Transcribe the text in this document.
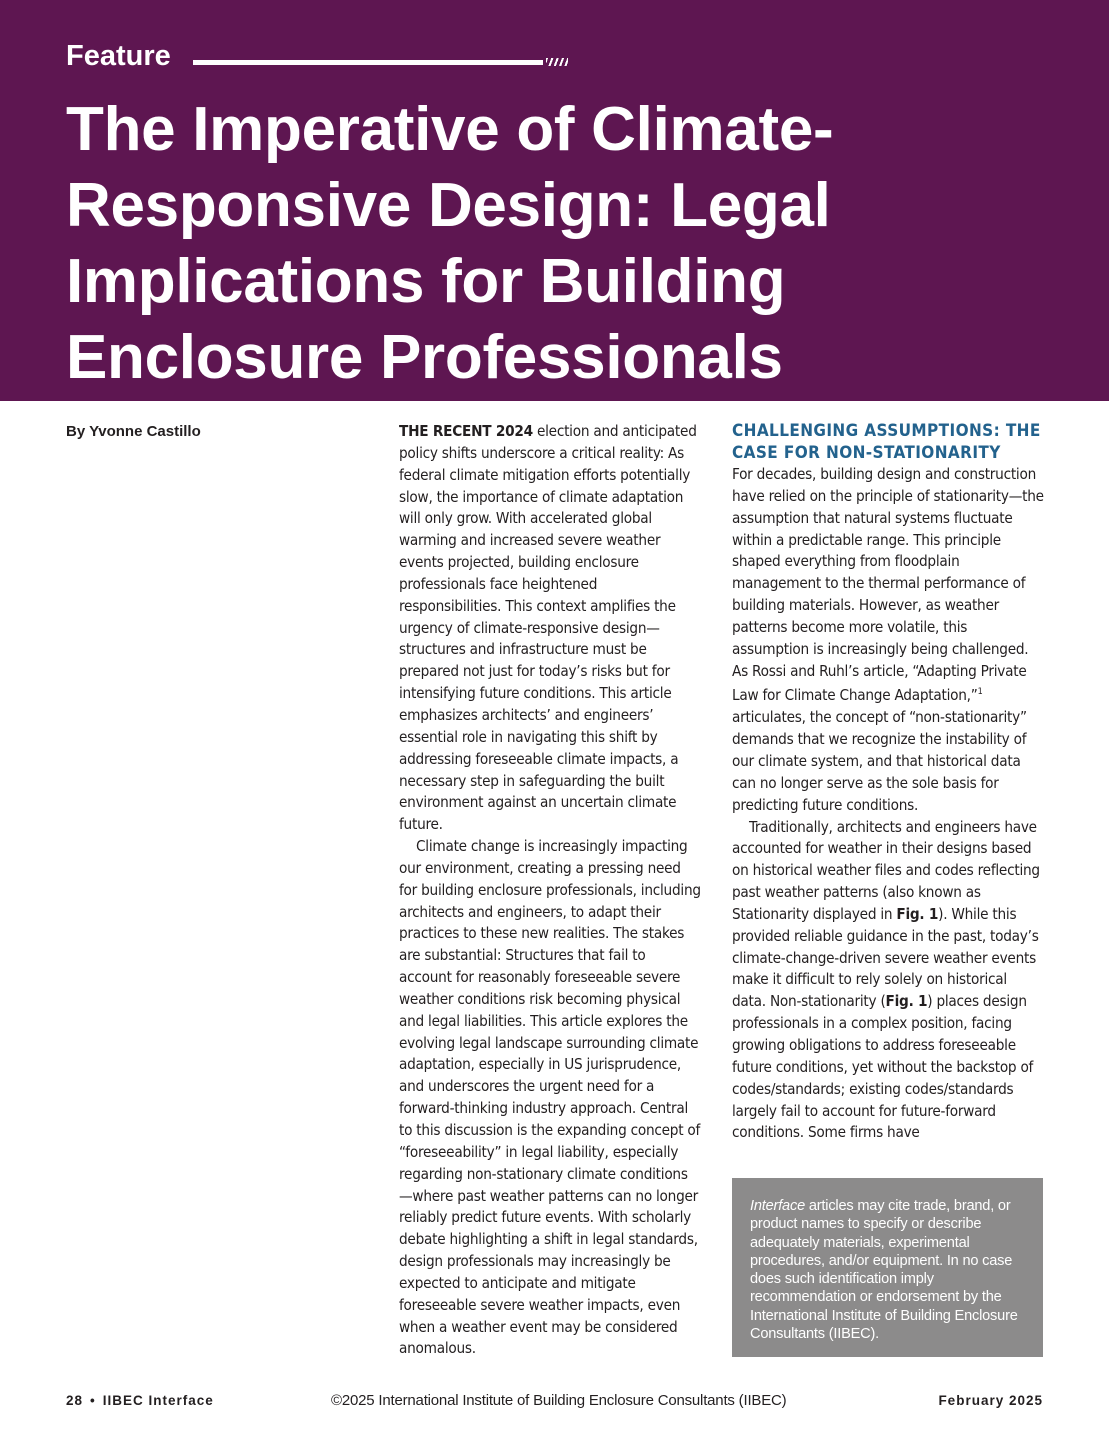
Feature
The Imperative of Climate-Responsive Design: Legal Implications for Building Enclosure Professionals
By Yvonne Castillo	THE RECENT 2024 election and anticipated policy shifts underscore a critical reality: As federal climate mitigation efforts potentially slow, the importance of climate adaptation will only grow. With accelerated global warming and increased severe weather events projected, building enclosure professionals face heightened responsibilities. This context amplifies the urgency of climate-responsive design—structures and infrastructure must be prepared not just for today’s risks but for intensifying future conditions. This article emphasizes architects’ and engineers’ essential role in navigating this shift by addressing foreseeable climate impacts, a necessary step in safeguarding the built environment against an uncertain climate future.

Climate change is increasingly impacting our environment, creating a pressing need for building enclosure professionals, including architects and engineers, to adapt their practices to these new realities. The stakes are substantial: Structures that fail to account for reasonably foreseeable severe weather conditions risk becoming physical and legal liabilities. This article explores the evolving legal landscape surrounding climate adaptation, especially in US jurisprudence, and underscores the urgent need for a forward-thinking industry approach. Central to this discussion is the expanding concept of “foreseeability” in legal liability, especially regarding non-stationary climate conditions—where past weather patterns can no longer reliably predict future events. With scholarly debate highlighting a shift in legal standards, design professionals may increasingly be expected to anticipate and mitigate foreseeable severe weather impacts, even when a weather event may be considered anomalous.

CHALLENGING ASSUMPTIONS: THE CASE FOR NON-STATIONARITY

For decades, building design and construction have relied on the principle of stationarity—the assumption that natural systems fluctuate within a predictable range. This principle shaped everything from floodplain management to the thermal performance of building materials. However, as weather patterns become more volatile, this assumption is increasingly being challenged. As Rossi and Ruhl’s article, “Adapting Private Law for Climate Change Adaptation,”$^1$ articulates, the concept of “non-stationarity” demands that we recognize the instability of our climate system, and that historical data can no longer serve as the sole basis for predicting future conditions.

Traditionally, architects and engineers have accounted for weather in their designs based on historical weather files and codes reflecting past weather patterns (also known as Stationarity displayed in Fig. 1). While this provided reliable guidance in the past, today’s climate-change-driven severe weather events make it difficult to rely solely on historical data. Non-stationarity (Fig. 1) places design professionals in a complex position, facing growing obligations to address foreseeable future conditions, yet without the backstop of codes/standards; existing codes/standards largely fail to account for future-forward conditions. Some firms have

Interface articles may cite trade, brand, or product names to specify or describe adequately materials, experimental procedures, and/or equipment. In no case does such identification imply recommendation or endorsement by the International Institute of Building Enclosure Consultants (IIBEC).
28 • IIBEC Interface	©2025 International Institute of Building Enclosure Consultants (IIBEC)	February 2025
